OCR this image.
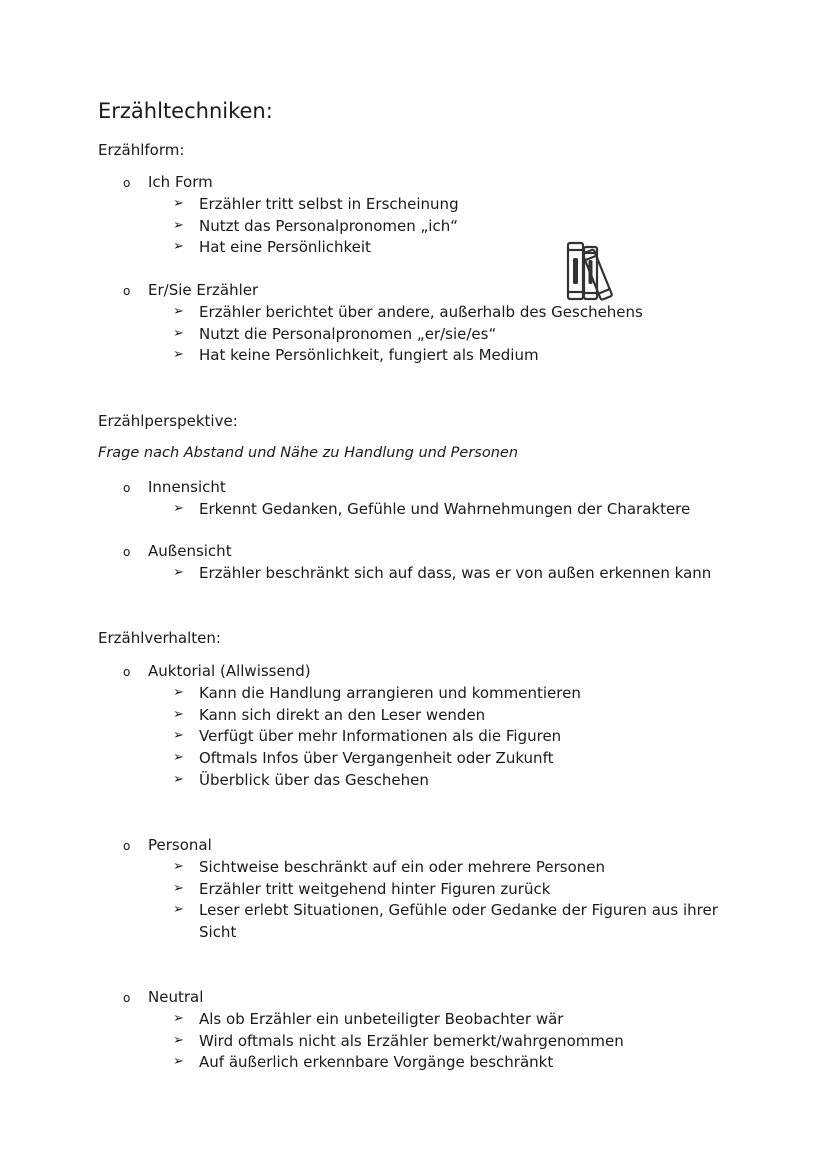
Erzähltechniken:
Erzählform:
o Ich Form
➢ Erzähler tritt selbst in Erscheinung
➢ Nutzt das Personalpronomen „ich“
➢ Hat eine Persönlichkeit
o Er/Sie Erzähler
➢ Erzähler berichtet über andere, außerhalb des Geschehens
➢ Nutzt die Personalpronomen „er/sie/es“
➢ Hat keine Persönlichkeit, fungiert als Medium
Erzählperspektive:
Frage nach Abstand und Nähe zu Handlung und Personen
o Innensicht
➢ Erkennt Gedanken, Gefühle und Wahrnehmungen der Charaktere
o Außensicht
➢ Erzähler beschränkt sich auf dass, was er von außen erkennen kann
Erzählverhalten:
o Auktorial (Allwissend)
➢ Kann die Handlung arrangieren und kommentieren
➢ Kann sich direkt an den Leser wenden
➢ Verfügt über mehr Informationen als die Figuren
➢ Oftmals Infos über Vergangenheit oder Zukunft
➢ Überblick über das Geschehen
o Personal
➢ Sichtweise beschränkt auf ein oder mehrere Personen
➢ Erzähler tritt weitgehend hinter Figuren zurück
➢ Leser erlebt Situationen, Gefühle oder Gedanke der Figuren aus ihrer
Sicht
o Neutral
➢ Als ob Erzähler ein unbeteiligter Beobachter wär
➢ Wird oftmals nicht als Erzähler bemerkt/wahrgenommen
➢ Auf äußerlich erkennbare Vorgänge beschränkt
